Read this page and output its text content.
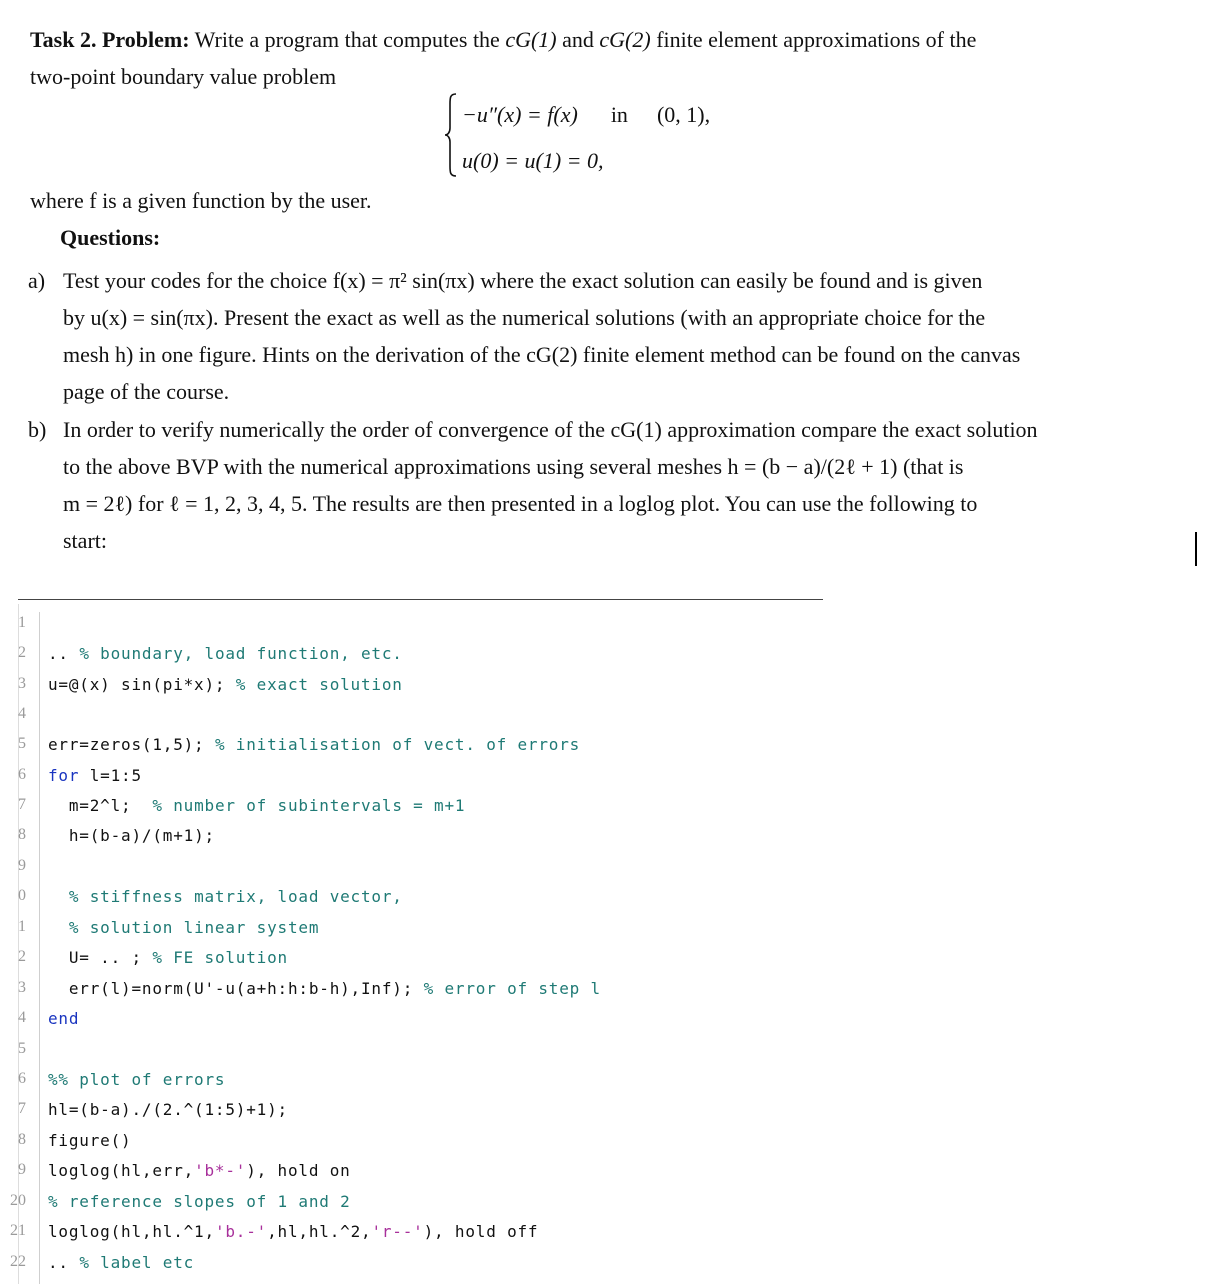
Task 2. Problem: Write a program that computes the cG(1) and cG(2) finite element approximations of the
two-point boundary value problem
−u″(x) = f(x) in (0, 1),
u(0) = u(1) = 0,
where f is a given function by the user.
Questions:
a) Test your codes for the choice f(x) = π² sin(πx) where the exact solution can easily be found and is given
by u(x) = sin(πx). Present the exact as well as the numerical solutions (with an appropriate choice for the
mesh h) in one figure. Hints on the derivation of the cG(2) finite element method can be found on the canvas
page of the course.
b) In order to verify numerically the order of convergence of the cG(1) approximation compare the exact solution
to the above BVP with the numerical approximations using several meshes h = (b − a)/(2ℓ + 1) (that is
m = 2ℓ) for ℓ = 1, 2, 3, 4, 5. The results are then presented in a loglog plot. You can use the following to
start:
1
2
3
4
5
6
7
8
9
0
1
2
3
4
5
6
7
8
9
20
21
22
.. % boundary, load function, etc.
u=@(x) sin(pi*x); % exact solution
err=zeros(1,5); % initialisation of vect. of errors
for l=1:5
m=2^l; % number of subintervals = m+1
h=(b-a)/(m+1);
% stiffness matrix, load vector,
% solution linear system
U= .. ; % FE solution
err(l)=norm(U'-u(a+h:h:b-h),Inf); % error of step l
end
%% plot of errors
hl=(b-a)./(2.^(1:5)+1);
figure()
loglog(hl,err,'b*-'), hold on
% reference slopes of 1 and 2
loglog(hl,hl.^1,'b.-',hl,hl.^2,'r--'), hold off
.. % label etc
